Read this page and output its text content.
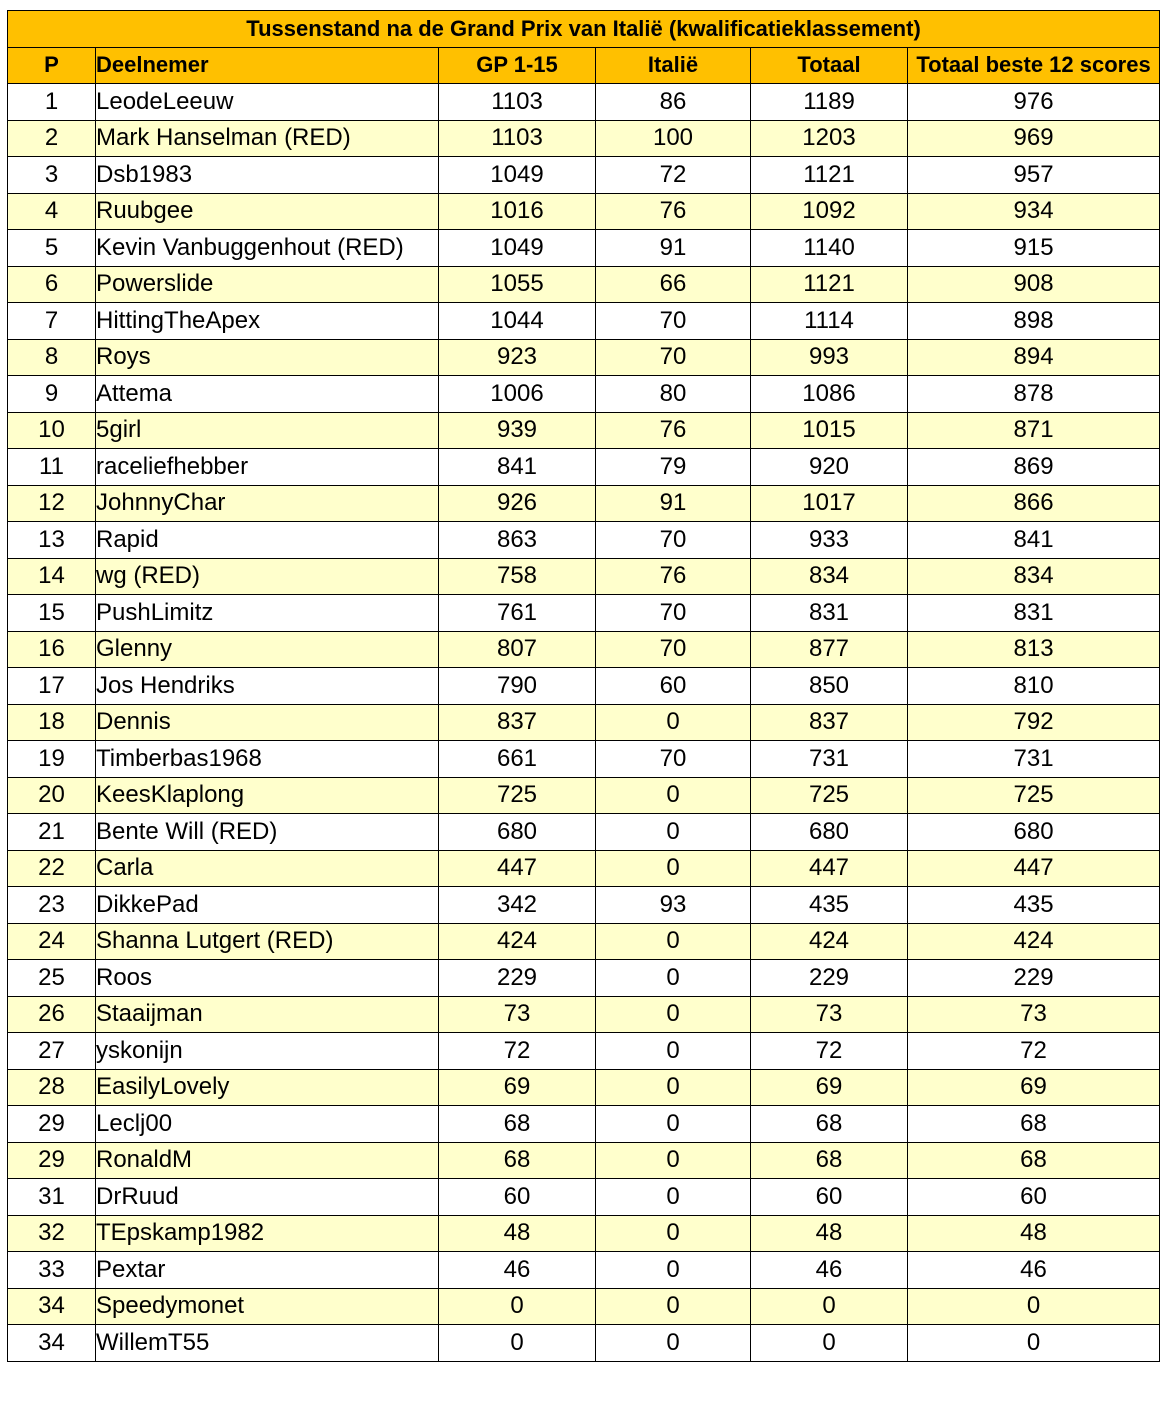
Tussenstand na de Grand Prix van Italië (kwalificatieklassement)					
P	Deelnemer	GP 1-15	Italië	Totaal	Totaal beste 12 scores
1	LeodeLeeuw	1103	86	1189	976
2	Mark Hanselman (RED)	1103	100	1203	969
3	Dsb1983	1049	72	1121	957
4	Ruubgee	1016	76	1092	934
5	Kevin Vanbuggenhout (RED)	1049	91	1140	915
6	Powerslide	1055	66	1121	908
7	HittingTheApex	1044	70	1114	898
8	Roys	923	70	993	894
9	Attema	1006	80	1086	878
10	5girl	939	76	1015	871
11	raceliefhebber	841	79	920	869
12	JohnnyChar	926	91	1017	866
13	Rapid	863	70	933	841
14	wg (RED)	758	76	834	834
15	PushLimitz	761	70	831	831
16	Glenny	807	70	877	813
17	Jos Hendriks	790	60	850	810
18	Dennis	837	0	837	792
19	Timberbas1968	661	70	731	731
20	KeesKlaplong	725	0	725	725
21	Bente Will (RED)	680	0	680	680
22	Carla	447	0	447	447
23	DikkePad	342	93	435	435
24	Shanna Lutgert (RED)	424	0	424	424
25	Roos	229	0	229	229
26	Staaijman	73	0	73	73
27	yskonijn	72	0	72	72
28	EasilyLovely	69	0	69	69
29	Leclj00	68	0	68	68
29	RonaldM	68	0	68	68
31	DrRuud	60	0	60	60
32	TEpskamp1982	48	0	48	48
33	Pextar	46	0	46	46
34	Speedymonet	0	0	0	0
34	WillemT55	0	0	0	0
